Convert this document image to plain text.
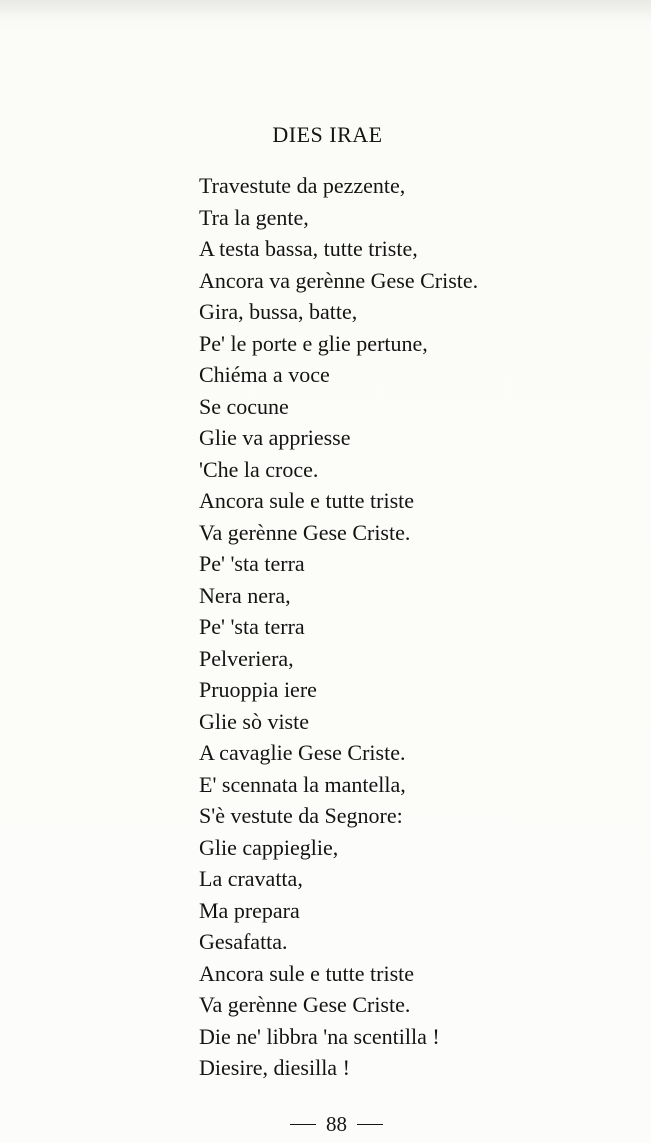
DIES IRAE
Travestute da pezzente,
Tra la gente,
A testa bassa, tutte triste,
Ancora va gerènne Gese Criste.
Gira, bussa, batte,
Pe' le porte e glie pertune,
Chiéma a voce
Se cocune
Glie va appriesse
'Che la croce.
Ancora sule e tutte triste
Va gerènne Gese Criste.
Pe' 'sta terra
Nera nera,
Pe' 'sta terra
Pelveriera,
Pruoppia iere
Glie sò viste
A cavaglie Gese Criste.
E' scennata la mantella,
S'è vestute da Segnore:
Glie cappieglie,
La cravatta,
Ma prepara
Gesafatta.
Ancora sule e tutte triste
Va gerènne Gese Criste.
Die ne' libbra 'na scentilla !
Diesire, diesilla !
88
